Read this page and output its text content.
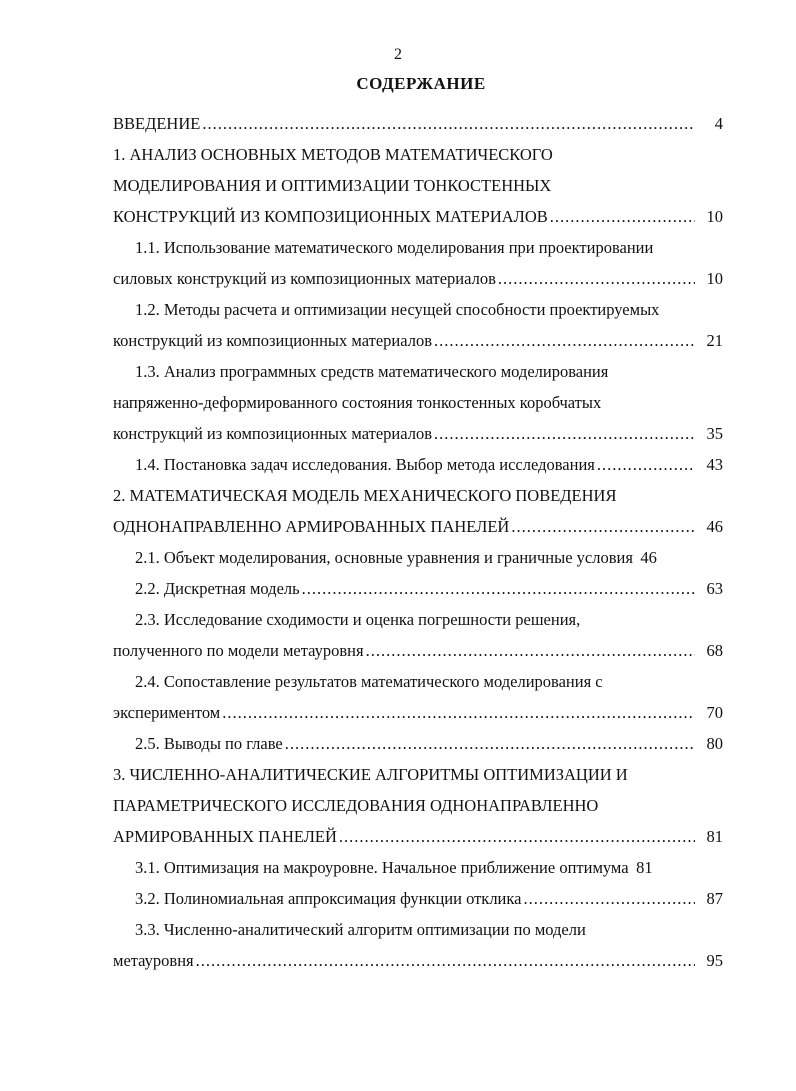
2
СОДЕРЖАНИЕ
ВВЕДЕНИЕ .....	4
1. АНАЛИЗ ОСНОВНЫХ МЕТОДОВ МАТЕМАТИЧЕСКОГО
МОДЕЛИРОВАНИЯ И ОПТИМИЗАЦИИ ТОНКОСТЕННЫХ
КОНСТРУКЦИЙ ИЗ КОМПОЗИЦИОННЫХ МАТЕРИАЛОВ .....	10
1.1. Использование математического моделирования при проектировании
силовых конструкций из композиционных материалов .....	10
1.2. Методы расчета и оптимизации несущей способности проектируемых
конструкций из композиционных материалов .....	21
1.3. Анализ программных средств математического моделирования
напряженно-деформированного состояния тонкостенных коробчатых
конструкций из композиционных материалов .....	35
1.4. Постановка задач исследования. Выбор метода исследования .....	43
2. МАТЕМАТИЧЕСКАЯ МОДЕЛЬ МЕХАНИЧЕСКОГО ПОВЕДЕНИЯ
ОДНОНАПРАВЛЕННО АРМИРОВАННЫХ ПАНЕЛЕЙ .....	46
2.1. Объект моделирования, основные уравнения и граничные условия 46
2.2. Дискретная модель .....	63
2.3. Исследование сходимости и оценка погрешности решения,
полученного по модели метауровня .....	68
2.4. Сопоставление результатов математического моделирования с
экспериментом .....	70
2.5. Выводы по главе .....	80
3. ЧИСЛЕННО-АНАЛИТИЧЕСКИЕ АЛГОРИТМЫ ОПТИМИЗАЦИИ И
ПАРАМЕТРИЧЕСКОГО ИССЛЕДОВАНИЯ ОДНОНАПРАВЛЕННО
АРМИРОВАННЫХ ПАНЕЛЕЙ .....	81
3.1. Оптимизация на макроуровне. Начальное приближение оптимума 81
3.2. Полиномиальная аппроксимация функции отклика .....	87
3.3. Численно-аналитический алгоритм оптимизации по модели
метауровня .....	95
